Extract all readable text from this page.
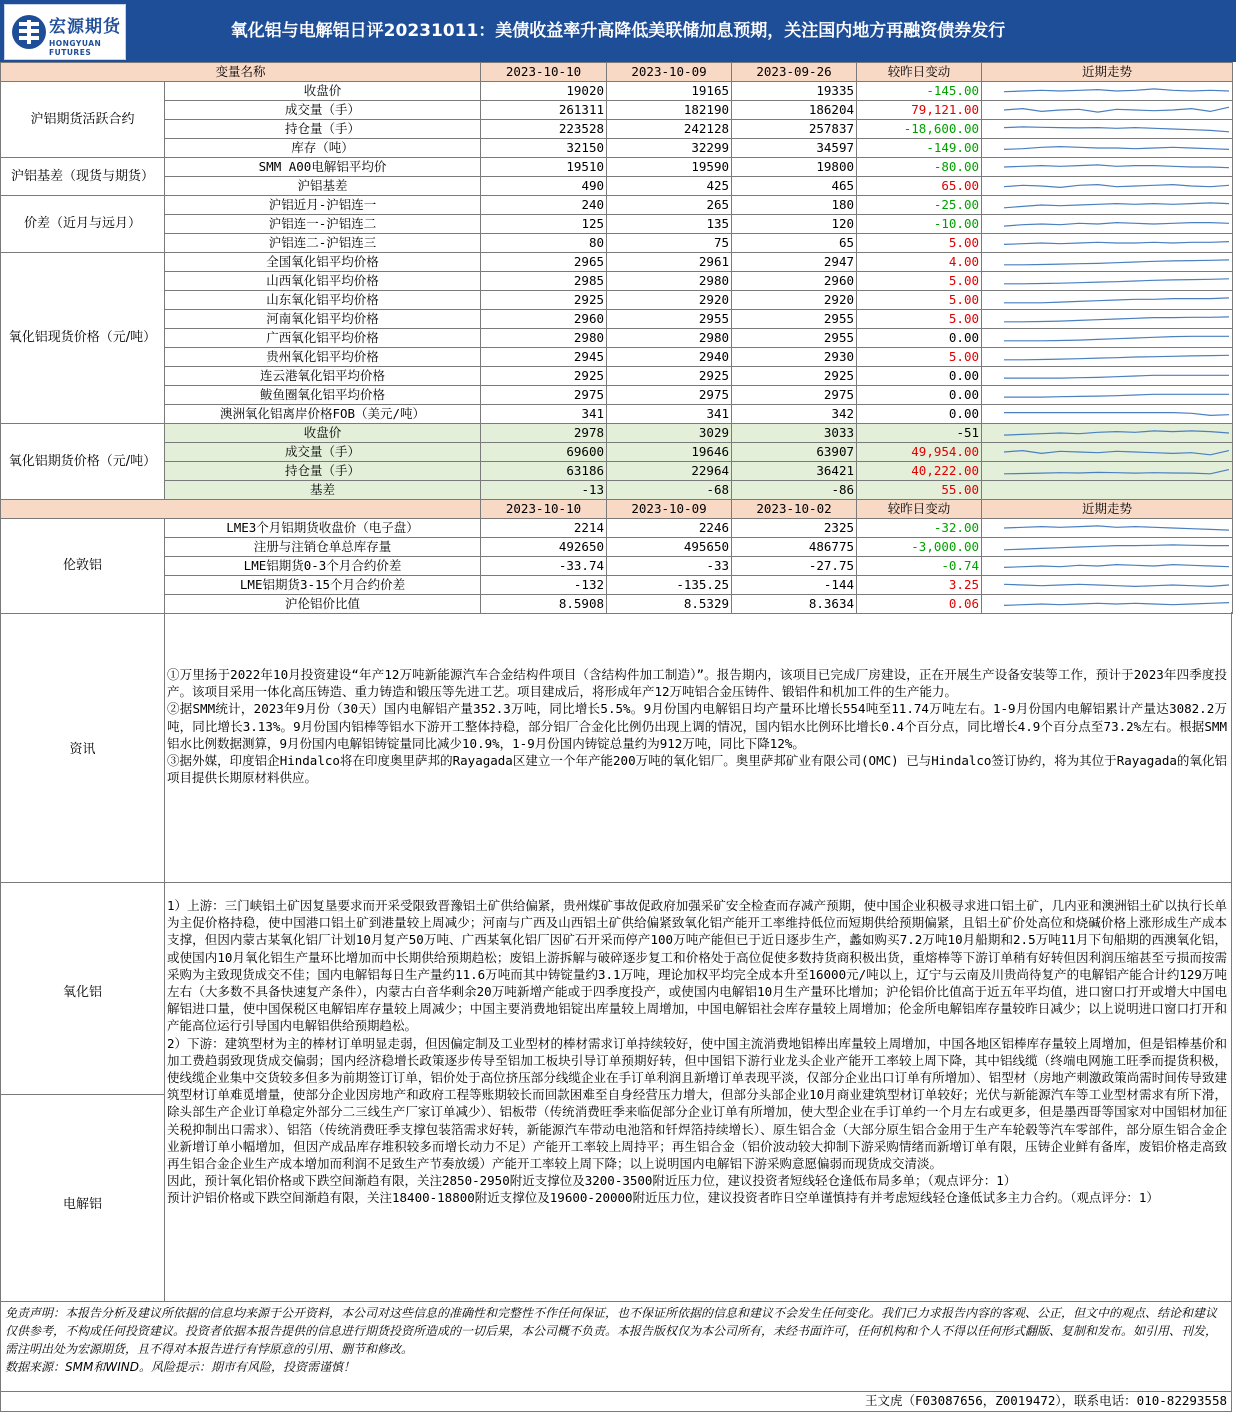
宏源期货
HONGYUAN FUTURES
氧化铝与电解铝日评20231011：美债收益率升高降低美联储加息预期，关注国内地方再融资债券发行
变量名称		2023-10-10	2023-10-09	2023-09-26	较昨日变动	近期走势
沪铝期货活跃合约	收盘价	19020	19165	19335	-145.00	

	成交量（手）	261311	182190	186204	79,121.00	

	持仓量（手）	223528	242128	257837	-18,600.00	

	库存（吨）	32150	32299	34597	-149.00	

沪铝基差（现货与期货）	SMM A00电解铝平均价	19510	19590	19800	-80.00	

	沪铝基差	490	425	465	65.00	

价差（近月与远月）	沪铝近月-沪铝连一	240	265	180	-25.00	

	沪铝连一-沪铝连二	125	135	120	-10.00	

	沪铝连二-沪铝连三	80	75	65	5.00	

氧化铝现货价格（元/吨）	全国氧化铝平均价格	2965	2961	2947	4.00	

	山西氧化铝平均价格	2985	2980	2960	5.00	

	山东氧化铝平均价格	2925	2920	2920	5.00	

	河南氧化铝平均价格	2960	2955	2955	5.00	

	广西氧化铝平均价格	2980	2980	2955	0.00	

	贵州氧化铝平均价格	2945	2940	2930	5.00	

	连云港氧化铝平均价格	2925	2925	2925	0.00	

	鲅鱼圈氧化铝平均价格	2975	2975	2975	0.00	

	澳洲氧化铝离岸价格FOB（美元/吨）	341	341	342	0.00	

氧化铝期货价格（元/吨）	收盘价	2978	3029	3033	-51	

	成交量（手）	69600	19646	63907	49,954.00	

	持仓量（手）	63186	22964	36421	40,222.00	

	基差	-13	-68	-86	55.00	

		2023-10-10	2023-10-09	2023-10-02	较昨日变动	近期走势
伦敦铝	LME3个月铝期货收盘价（电子盘）	2214	2246	2325	-32.00	

	注册与注销仓单总库存量	492650	495650	486775	-3,000.00	

	LME铝期货0-3个月合约价差	-33.74	-33	-27.75	-0.74	

	LME铝期货3-15个月合约价差	-132	-135.25	-144	3.25	

	沪伦铝价比值	8.5908	8.5329	8.3634	0.06	
资讯

①万里扬于2022年10月投资建设“年产12万吨新能源汽车合金结构件项目（含结构件加工制造）”。报告期内，该项目已完成厂房建设，正在开展生产设备安装等工作，预计于2023年四季度投产。该项目采用一体化高压铸造、重力铸造和锻压等先进工艺。项目建成后，将形成年产12万吨铝合金压铸件、锻铝件和机加工件的生产能力。

②据SMM统计，2023年9月份（30天）国内电解铝产量352.3万吨，同比增长5.5%。9月份国内电解铝日均产量环比增长554吨至11.74万吨左右。1-9月份国内电解铝累计产量达3082.2万吨，同比增长3.13%。9月份国内铝棒等铝水下游开工整体持稳，部分铝厂合金化比例仍出现上调的情况，国内铝水比例环比增长0.4个百分点，同比增长4.9个百分点至73.2%左右。根据SMM铝水比例数据测算，9月份国内电解铝铸锭量同比减少10.9%，1-9月份国内铸锭总量约为912万吨，同比下降12%。

③据外媒，印度铝企Hindalco将在印度奥里萨邦的Rayagada区建立一个年产能200万吨的氧化铝厂。奥里萨邦矿业有限公司(OMC) 已与Hindalco签订协约，将为其位于Rayagada的氧化铝项目提供长期原材料供应。

氧化铝
电解铝

1）上游：三门峡铝土矿因复垦要求而开采受限致晋豫铝土矿供给偏紧，贵州煤矿事故促政府加强采矿安全检查而存减产预期，使中国企业积极寻求进口铝土矿，几内亚和澳洲铝土矿以执行长单为主促价格持稳，使中国港口铝土矿到港量较上周减少；河南与广西及山西铝土矿供给偏紧致氧化铝产能开工率维持低位而短期供给预期偏紧，且铝土矿价处高位和烧碱价格上涨形成生产成本支撑，但因内蒙古某氧化铝厂计划10月复产50万吨、广西某氧化铝厂因矿石开采而停产100万吨产能但已于近日逐步生产，蠡如购买7.2万吨10月船期和2.5万吨11月下旬船期的西澳氧化铝，或使国内10月氧化铝生产量环比增加而中长期供给预期趋松；废铝上游拆解与破碎逐步复工和价格处于高位促使多数持货商积极出货，重熔棒等下游订单稍有好转但因利润压缩甚至亏损而按需采购为主致现货成交不佳；国内电解铝每日生产量约11.6万吨而其中铸锭量约3.1万吨，理论加权平均完全成本升至16000元/吨以上，辽宁与云南及川贵尚待复产的电解铝产能合计约129万吨左右（大多数不具备快速复产条件），内蒙古白音华剩余20万吨新增产能或于四季度投产，或使国内电解铝10月生产量环比增加；沪伦铝价比值高于近五年平均值，进口窗口打开或增大中国电解铝进口量，使中国保税区电解铝库存量较上周减少；中国主要消费地铝锭出库量较上周增加，中国电解铝社会库存量较上周增加；伦金所电解铝库存量较昨日减少；以上说明进口窗口打开和产能高位运行引导国内电解铝供给预期趋松。

2）下游：建筑型材为主的棒材订单明显走弱，但因偏定制及工业型材的棒材需求订单持续较好，使中国主流消费地铝棒出库量较上周增加，中国各地区铝棒库存量较上周增加，但是铝棒基价和加工费趋弱致现货成交偏弱；国内经济稳增长政策逐步传导至铝加工板块引导订单预期好转，但中国铝下游行业龙头企业产能开工率较上周下降，其中铝线缆（终端电网施工旺季而提货积极，使线缆企业集中交货较多但多为前期签订订单，铝价处于高位挤压部分线缆企业在手订单利润且新增订单表现平淡，仅部分企业出口订单有所增加）、铝型材（房地产刺激政策尚需时间传导致建筑型材订单难觅增量，使部分企业因房地产和政府工程等账期较长而回款困难至自身经营压力增大，但部分头部企业10月商业建筑型材订单较好；光伏与新能源汽车等工业型材需求有所下滑，除头部生产企业订单稳定外部分二三线生产厂家订单减少）、铝板带（传统消费旺季来临促部分企业订单有所增加，使大型企业在手订单约一个月左右或更多，但是墨西哥等国家对中国铝材加征关税抑制出口需求）、铝箔（传统消费旺季支撑包装箔需求好转，新能源汽车带动电池箔和钎焊箔持续增长）、原生铝合金（大部分原生铝合金用于生产车轮毂等汽车零部件，部分原生铝合金企业新增订单小幅增加，但因产成品库存堆积较多而增长动力不足）产能开工率较上周持平；再生铝合金（铝价波动较大抑制下游采购情绪而新增订单有限，压铸企业鲜有备库，废铝价格走高致再生铝合金企业生产成本增加而利润不足致生产节奏放缓）产能开工率较上周下降；以上说明国内电解铝下游采购意愿偏弱而现货成交清淡。

因此，预计氧化铝价格或下跌空间渐趋有限，关注2850-2950附近支撑位及3200-3500附近压力位，建议投资者短线轻仓逢低布局多单；（观点评分：1）

预计沪铝价格或下跌空间渐趋有限，关注18400-18800附近支撑位及19600-20000附近压力位，建议投资者昨日空单谨慎持有并考虑短线轻仓逢低试多主力合约。（观点评分：1）

免责声明：本报告分析及建议所依据的信息均来源于公开资料，本公司对这些信息的准确性和完整性不作任何保证，也不保证所依据的信息和建议不会发生任何变化。我们已力求报告内容的客观、公正，但文中的观点、结论和建议仅供参考，不构成任何投资建议。投资者依据本报告提供的信息进行期货投资所造成的一切后果，本公司概不负责。本报告版权仅为本公司所有，未经书面许可，任何机构和个人不得以任何形式翻版、复制和发布。如引用、刊发，需注明出处为宏源期货，且不得对本报告进行有悖原意的引用、删节和修改。
数据来源：SMM和WIND。风险提示：期市有风险，投资需谨慎！
王文虎（F03087656，Z0019472），联系电话：010-82293558
